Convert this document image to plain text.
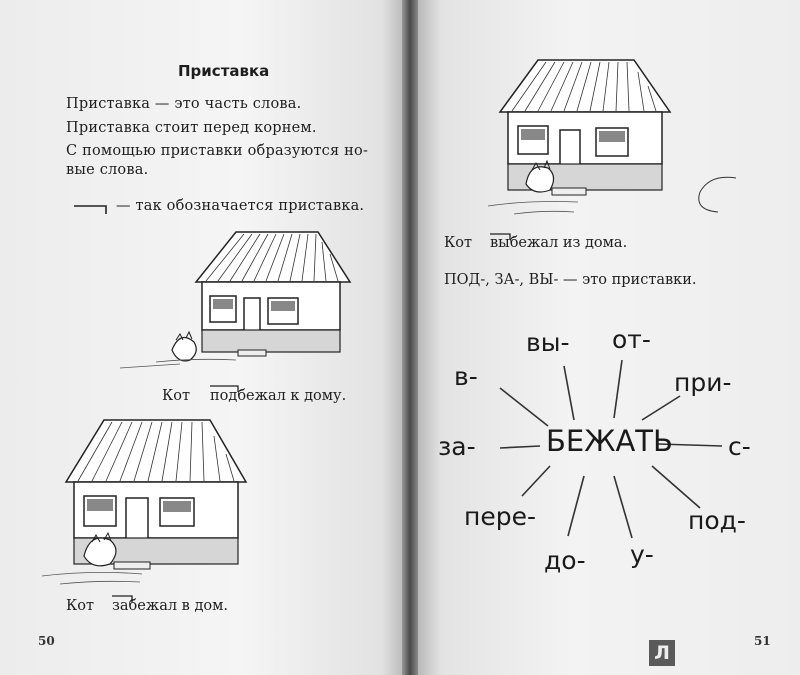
Приставка
Приставка — это часть слова.
Приставка стоит перед корнем.
С помощью приставки образуются но-
вые слова.
— так обозначается приставка.
Кот подбежал к дому.
Кот забежал в дом.
50
Кот выбежал из дома.
ПОД-, ЗА-, ВЫ- — это приставки.
БЕЖАТЬ
вы- от-
в-	при-
за-	с-
пере-	под-
до- у-
51
Л
